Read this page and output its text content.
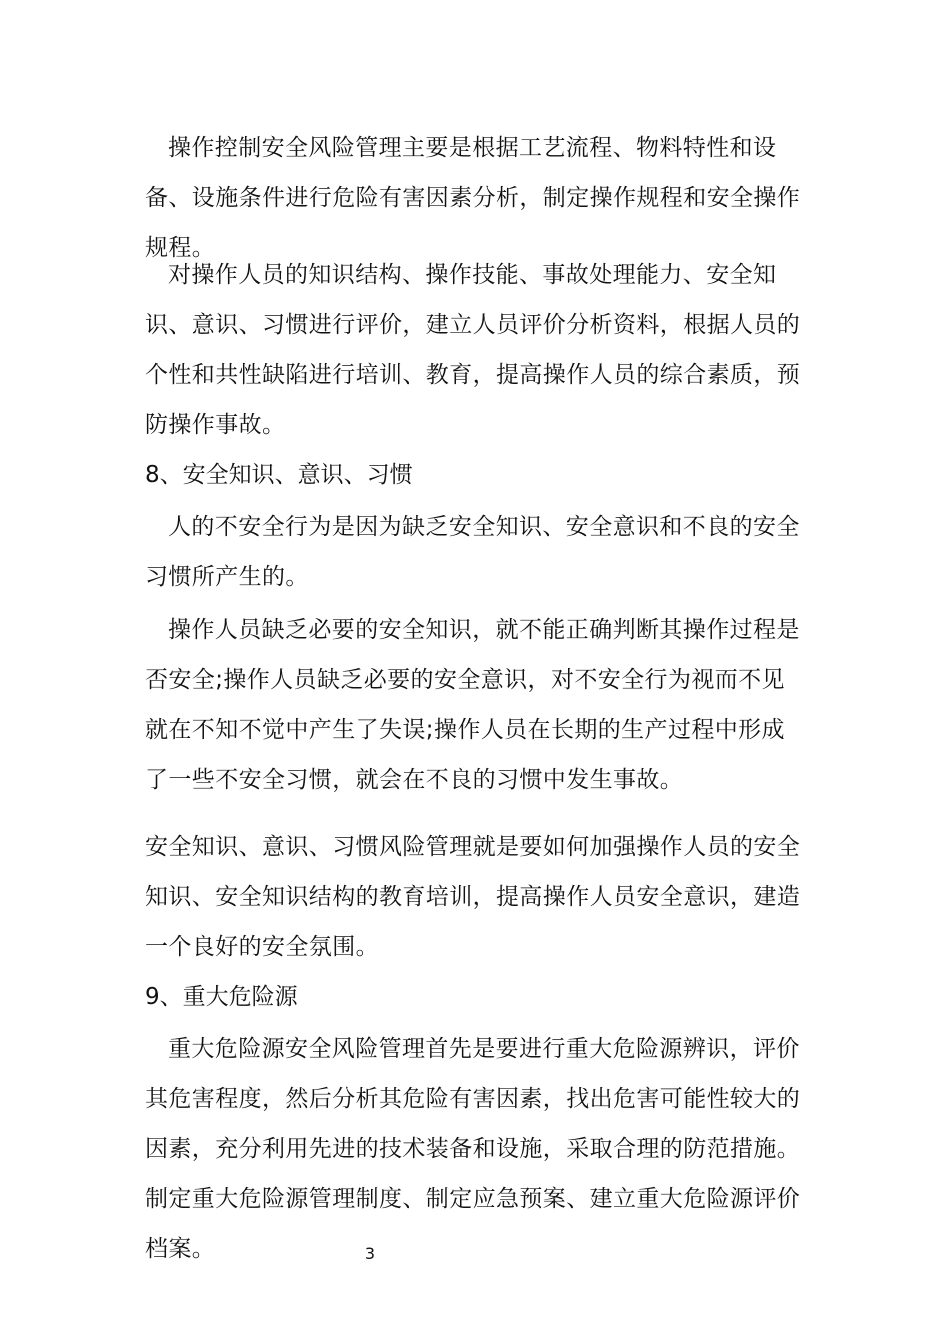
操作控制安全风险管理主要是根据工艺流程、物料特性和设备、设施条件进行危险有害因素分析，制定操作规程和安全操作规程。

对操作人员的知识结构、操作技能、事故处理能力、安全知识、意识、习惯进行评价，建立人员评价分析资料，根据人员的个性和共性缺陷进行培训、教育，提高操作人员的综合素质，预防操作事故。

8、安全知识、意识、习惯

人的不安全行为是因为缺乏安全知识、安全意识和不良的安全习惯所产生的。

操作人员缺乏必要的安全知识，就不能正确判断其操作过程是否安全;操作人员缺乏必要的安全意识，对不安全行为视而不见就在不知不觉中产生了失误;操作人员在长期的生产过程中形成了一些不安全习惯，就会在不良的习惯中发生事故。

安全知识、意识、习惯风险管理就是要如何加强操作人员的安全知识、安全知识结构的教育培训，提高操作人员安全意识，建造一个良好的安全氛围。

9、重大危险源

重大危险源安全风险管理首先是要进行重大危险源辨识，评价其危害程度，然后分析其危险有害因素，找出危害可能性较大的因素，充分利用先进的技术装备和设施，采取合理的防范措施。制定重大危险源管理制度、制定应急预案、建立重大危险源评价档案。	3
